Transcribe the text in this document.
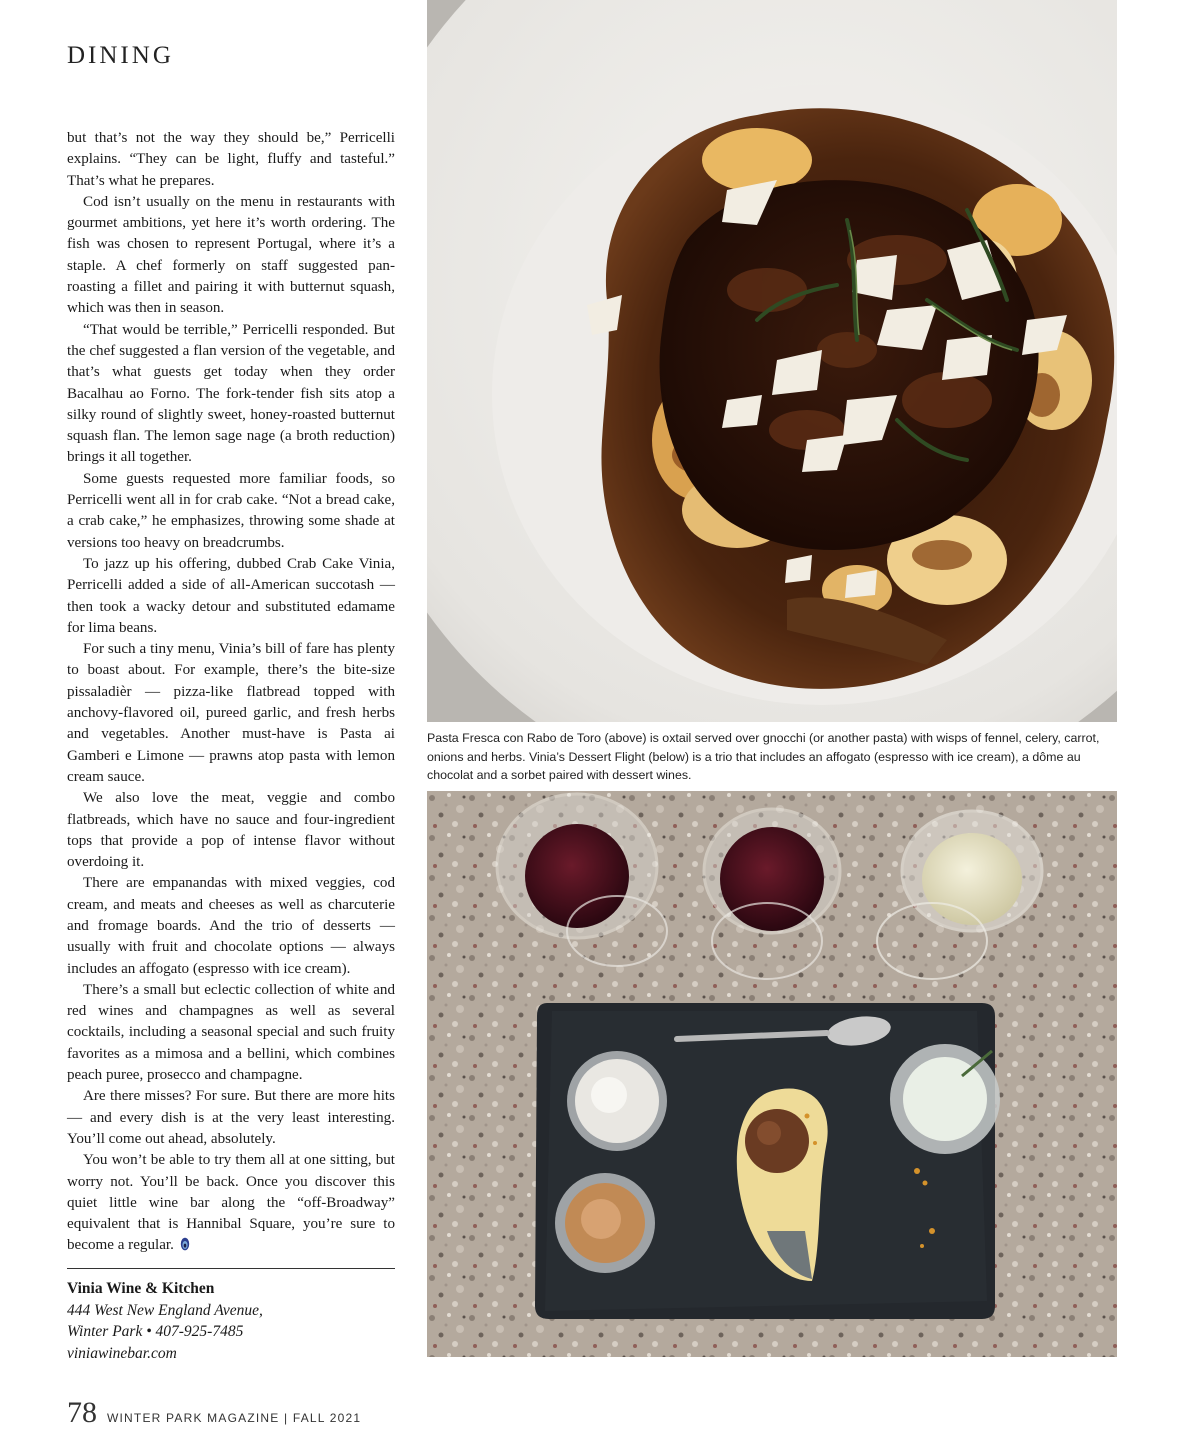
DINING

but that’s not the way they should be,” Perricelli explains. “They can be light, fluffy and tasteful.” That’s what he prepares.

Cod isn’t usually on the menu in restaurants with gourmet ambitions, yet here it’s worth ordering. The fish was chosen to represent Portugal, where it’s a staple. A chef formerly on staff suggested pan-roasting a fillet and pairing it with butternut squash, which was then in season.

“That would be terrible,” Perricelli responded. But the chef suggested a flan version of the vegetable, and that’s what guests get today when they order Bacalhau ao Forno. The fork-tender fish sits atop a silky round of slightly sweet, honey-roasted butternut squash flan. The lemon sage nage (a broth reduction) brings it all together.

Some guests requested more familiar foods, so Perricelli went all in for crab cake. “Not a bread cake, a crab cake,” he emphasizes, throwing some shade at versions too heavy on breadcrumbs.

To jazz up his offering, dubbed Crab Cake Vinia, Perricelli added a side of all-American succotash — then took a wacky detour and substituted edamame for lima beans.

For such a tiny menu, Vinia’s bill of fare has plenty to boast about. For example, there’s the bite-size pissaladièr — pizza-like flatbread topped with anchovy-flavored oil, pureed garlic, and fresh herbs and vegetables. Another must-have is Pasta ai Gamberi e Limone — prawns atop pasta with lemon cream sauce.

We also love the meat, veggie and combo flatbreads, which have no sauce and four-ingredient tops that provide a pop of intense flavor without overdoing it.

There are empanandas with mixed veggies, cod cream, and meats and cheeses as well as charcuterie and fromage boards. And the trio of desserts — usually with fruit and chocolate options — always includes an affogato (espresso with ice cream).

There’s a small but eclectic collection of white and red wines and champagnes as well as several cocktails, including a seasonal special and such fruity favorites as a mimosa and a bellini, which combines peach puree, prosecco and champagne.

Are there misses? For sure. But there are more hits — and every dish is at the very least interesting. You’ll come out ahead, absolutely.

You won’t be able to try them all at one sitting, but worry not. You’ll be back. Once you discover this quiet little wine bar along the “off-Broadway” equivalent that is Hannibal Square, you’re sure to become a regular.

Vinia Wine & Kitchen
444 West New England Avenue,
Winter Park • 407-925-7485
viniawinebar.com
78 WINTER PARK MAGAZINE | FALL 2021
Pasta Fresca con Rabo de Toro (above) is oxtail served over gnocchi (or another pasta) with wisps of fennel, celery, carrot, onions and herbs. Vinia’s Dessert Flight (below) is a trio that includes an affogato (espresso with ice cream), a dôme au chocolat and a sorbet paired with dessert wines.
